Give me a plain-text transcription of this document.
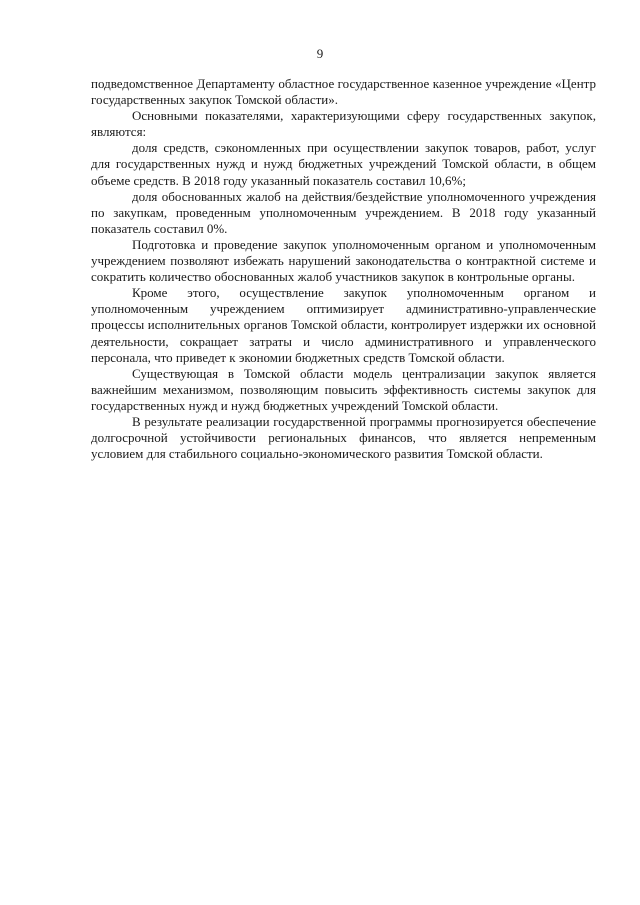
9

подведомственное Департаменту областное государственное казенное учреждение «Центр государственных закупок Томской области».

Основными показателями, характеризующими сферу государственных закупок, являются:

доля средств, сэкономленных при осуществлении закупок товаров, работ, услуг для государственных нужд и нужд бюджетных учреждений Томской области, в общем объеме средств. В 2018 году указанный показатель составил 10,6%;

доля обоснованных жалоб на действия/бездействие уполномоченного учреждения по закупкам, проведенным уполномоченным учреждением. В 2018 году указанный показатель составил 0%.

Подготовка и проведение закупок уполномоченным органом и уполномоченным учреждением позволяют избежать нарушений законодательства о контрактной системе и сократить количество обоснованных жалоб участников закупок в контрольные органы.

Кроме этого, осуществление закупок уполномоченным органом и уполномоченным учреждением оптимизирует административно-управленческие процессы исполнительных органов Томской области, контролирует издержки их основной деятельности, сокращает затраты и число административного и управленческого персонала, что приведет к экономии бюджетных средств Томской области.

Существующая в Томской области модель централизации закупок является важнейшим механизмом, позволяющим повысить эффективность системы закупок для государственных нужд и нужд бюджетных учреждений Томской области.

В результате реализации государственной программы прогнозируется обеспечение долгосрочной устойчивости региональных финансов, что является непременным условием для стабильного социально-экономического развития Томской области.
